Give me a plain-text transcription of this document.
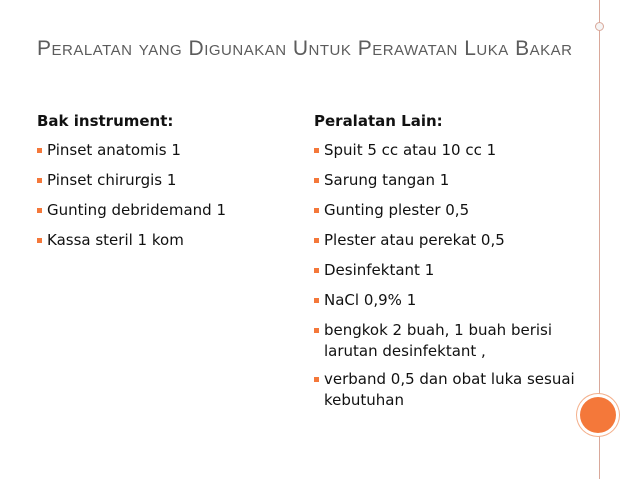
Peralatan yang Digunakan Untuk Perawatan Luka Bakar
Bak instrument:
Pinset anatomis 1
Pinset chirurgis 1
Gunting debridemand 1
Kassa steril 1 kom
Peralatan Lain:
Spuit 5 cc atau 10 cc 1
Sarung tangan 1
Gunting plester 0,5
Plester atau perekat 0,5
Desinfektant 1
NaCl 0,9% 1
bengkok 2 buah, 1 buah berisi larutan desinfektant ,
verband 0,5 dan obat luka sesuai kebutuhan
